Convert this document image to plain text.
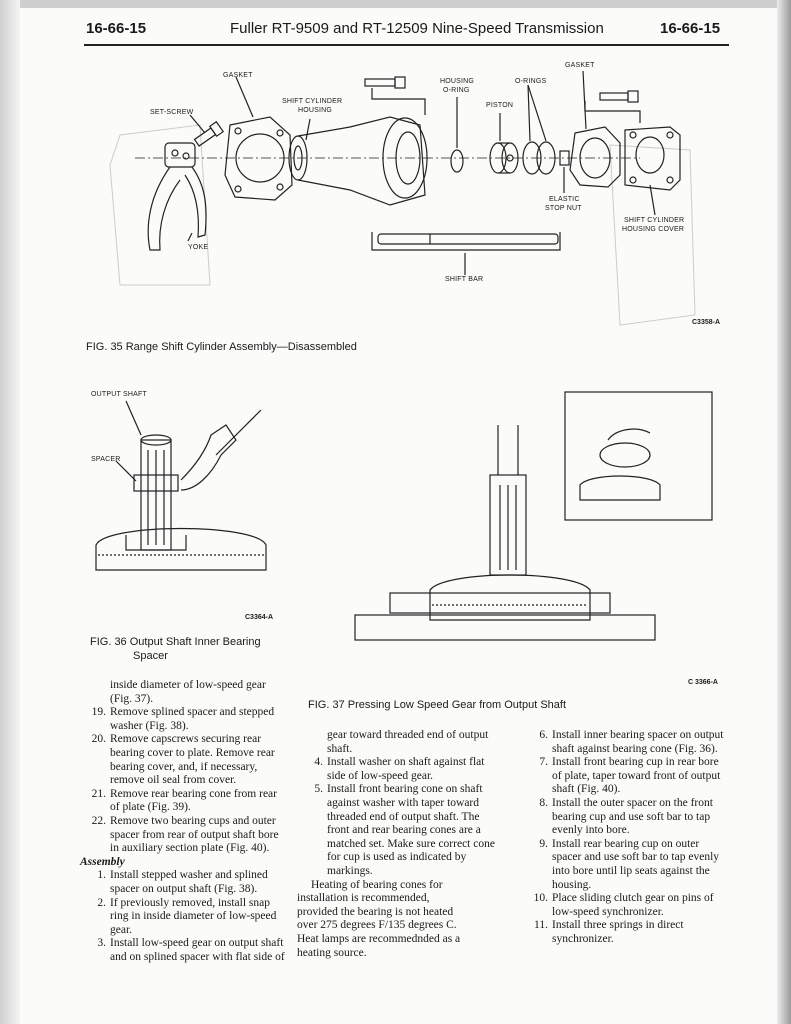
16-66-15	Fuller RT-9509 and RT-12509 Nine-Speed Transmission	16-66-15
GASKET
SET-SCREW
SHIFT CYLINDER
HOUSING
HOUSING
O-RING
PISTON
O-RINGS
GASKET
ELASTIC
STOP NUT
SHIFT CYLINDER
HOUSING COVER
YOKE
SHIFT BAR
C3358-A
FIG. 35 Range Shift Cylinder Assembly—Disassembled
OUTPUT SHAFT
SPACER
C3364-A
FIG. 36 Output Shaft Inner Bearing
Spacer
C 3366-A
FIG. 37 Pressing Low Speed Gear from Output Shaft

inside diameter of low-speed gear
(Fig. 37).

19. Remove splined spacer and stepped
washer (Fig. 38).

20. Remove capscrews securing rear
bearing cover to plate. Remove rear
bearing cover, and, if necessary,
remove oil seal from cover.

21. Remove rear bearing cone from rear
of plate (Fig. 39).

22. Remove two bearing cups and outer
spacer from rear of output shaft bore
in auxiliary section plate (Fig. 40).

Assembly

1. Install stepped washer and splined
spacer on output shaft (Fig. 38).

2. If previously removed, install snap
ring in inside diameter of low-speed
gear.

3. Install low-speed gear on output shaft
and on splined spacer with flat side of

gear toward threaded end of output
shaft.

4. Install washer on shaft against flat
side of low-speed gear.

5. Install front bearing cone on shaft
against washer with taper toward
threaded end of output shaft. The
front and rear bearing cones are a
matched set. Make sure correct cone
for cup is used as indicated by
markings.

Heating of bearing cones for
installation is recommended,
provided the bearing is not heated
over 275 degrees F/135 degrees C.
Heat lamps are recommednded as a
heating source.

6. Install inner bearing spacer on output
shaft against bearing cone (Fig. 36).

7. Install front bearing cup in rear bore
of plate, taper toward front of output
shaft (Fig. 40).

8. Install the outer spacer on the front
bearing cup and use soft bar to tap
evenly into bore.

9. Install rear bearing cup on outer
spacer and use soft bar to tap evenly
into bore until lip seats against the
housing.

10. Place sliding clutch gear on pins of
low-speed synchronizer.

11. Install three springs in direct
synchronizer.
